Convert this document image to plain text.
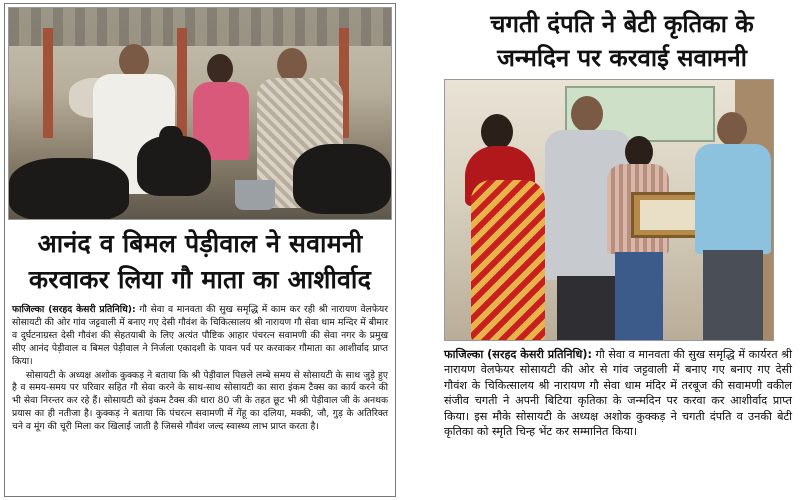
आनंद व बिमल पेड़ीवाल ने सवामनी
करवाकर लिया गौ माता का आशीर्वाद

फाजिल्का (सरहद केसरी प्रतिनिधि): गौ सेवा व मानवता की सुख समृद्धि में काम कर रही श्री नारायण वेलफेयर सोसायटी की ओर गांव जट्टवाली में बनाए गए देसी गौवंश के चिकित्सालय श्री नारायण गौ सेवा धाम मन्दिर में बीमार व दुर्घटनाग्रस्त देसी गौवंश की सेहतयाबी के लिए अत्यंत पौष्टिक आहार पंचरत्न सवामणी की सेवा नगर के प्रमुख सीए आनंद पेड़ीवाल व बिमल पेड़ीवाल ने निर्जला एकादशी के पावन पर्व पर करवाकर गौमाता का आशीर्वाद प्राप्त किया।

सोसायटी के अध्यक्ष अशोक कुक्कड़ ने बताया कि श्री पेड़ीवाल पिछले लम्बे समय से सोसायटी के साथ जुड़े हुए है व समय-समय पर परिवार सहित गौ सेवा करने के साथ-साथ सोसायटी का सारा इंकम टैक्स का कार्य करने की भी सेवा निरन्तर कर रहे हैं। सोसायटी को इंकम टैक्स की धारा 80 जी के तहत छूट भी श्री पेड़ीवाल जी के अनथक प्रयास का ही नतीजा है। कुक्कड़ ने बताया कि पंचरत्न सवामणी में गेंहू का दलिया, मक्की, जौ, गुड़ के अतिरिक्त चने व मूंग की चूरी मिला कर खिलाई जाती है जिससे गौवंश जल्द स्वास्थ्य लाभ प्राप्त करता है।

चगती दंपति ने बेटी कृतिका के
जन्मदिन पर करवाई सवामनी
फाजिल्का (सरहद केसरी प्रतिनिधि): गौ सेवा व मानवता की सुख समृद्धि में कार्यरत श्री नारायण वेलफेयर सोसायटी की ओर से गांव जट्टवाली में बनाए गए बनाए गए देसी गौवंश के चिकित्सालय श्री नारायण गौ सेवा धाम मंदिर में तरबूज की सवामणी वकील संजीव चगती ने अपनी बिटिया कृतिका के जन्मदिन पर करवा कर आशीर्वाद प्राप्त किया। इस मौके सोसायटी के अध्यक्ष अशोक कुक्कड़ ने चगती दंपति व उनकी बेटी कृतिका को स्मृति चिन्ह भेंट कर सम्मानित किया।
